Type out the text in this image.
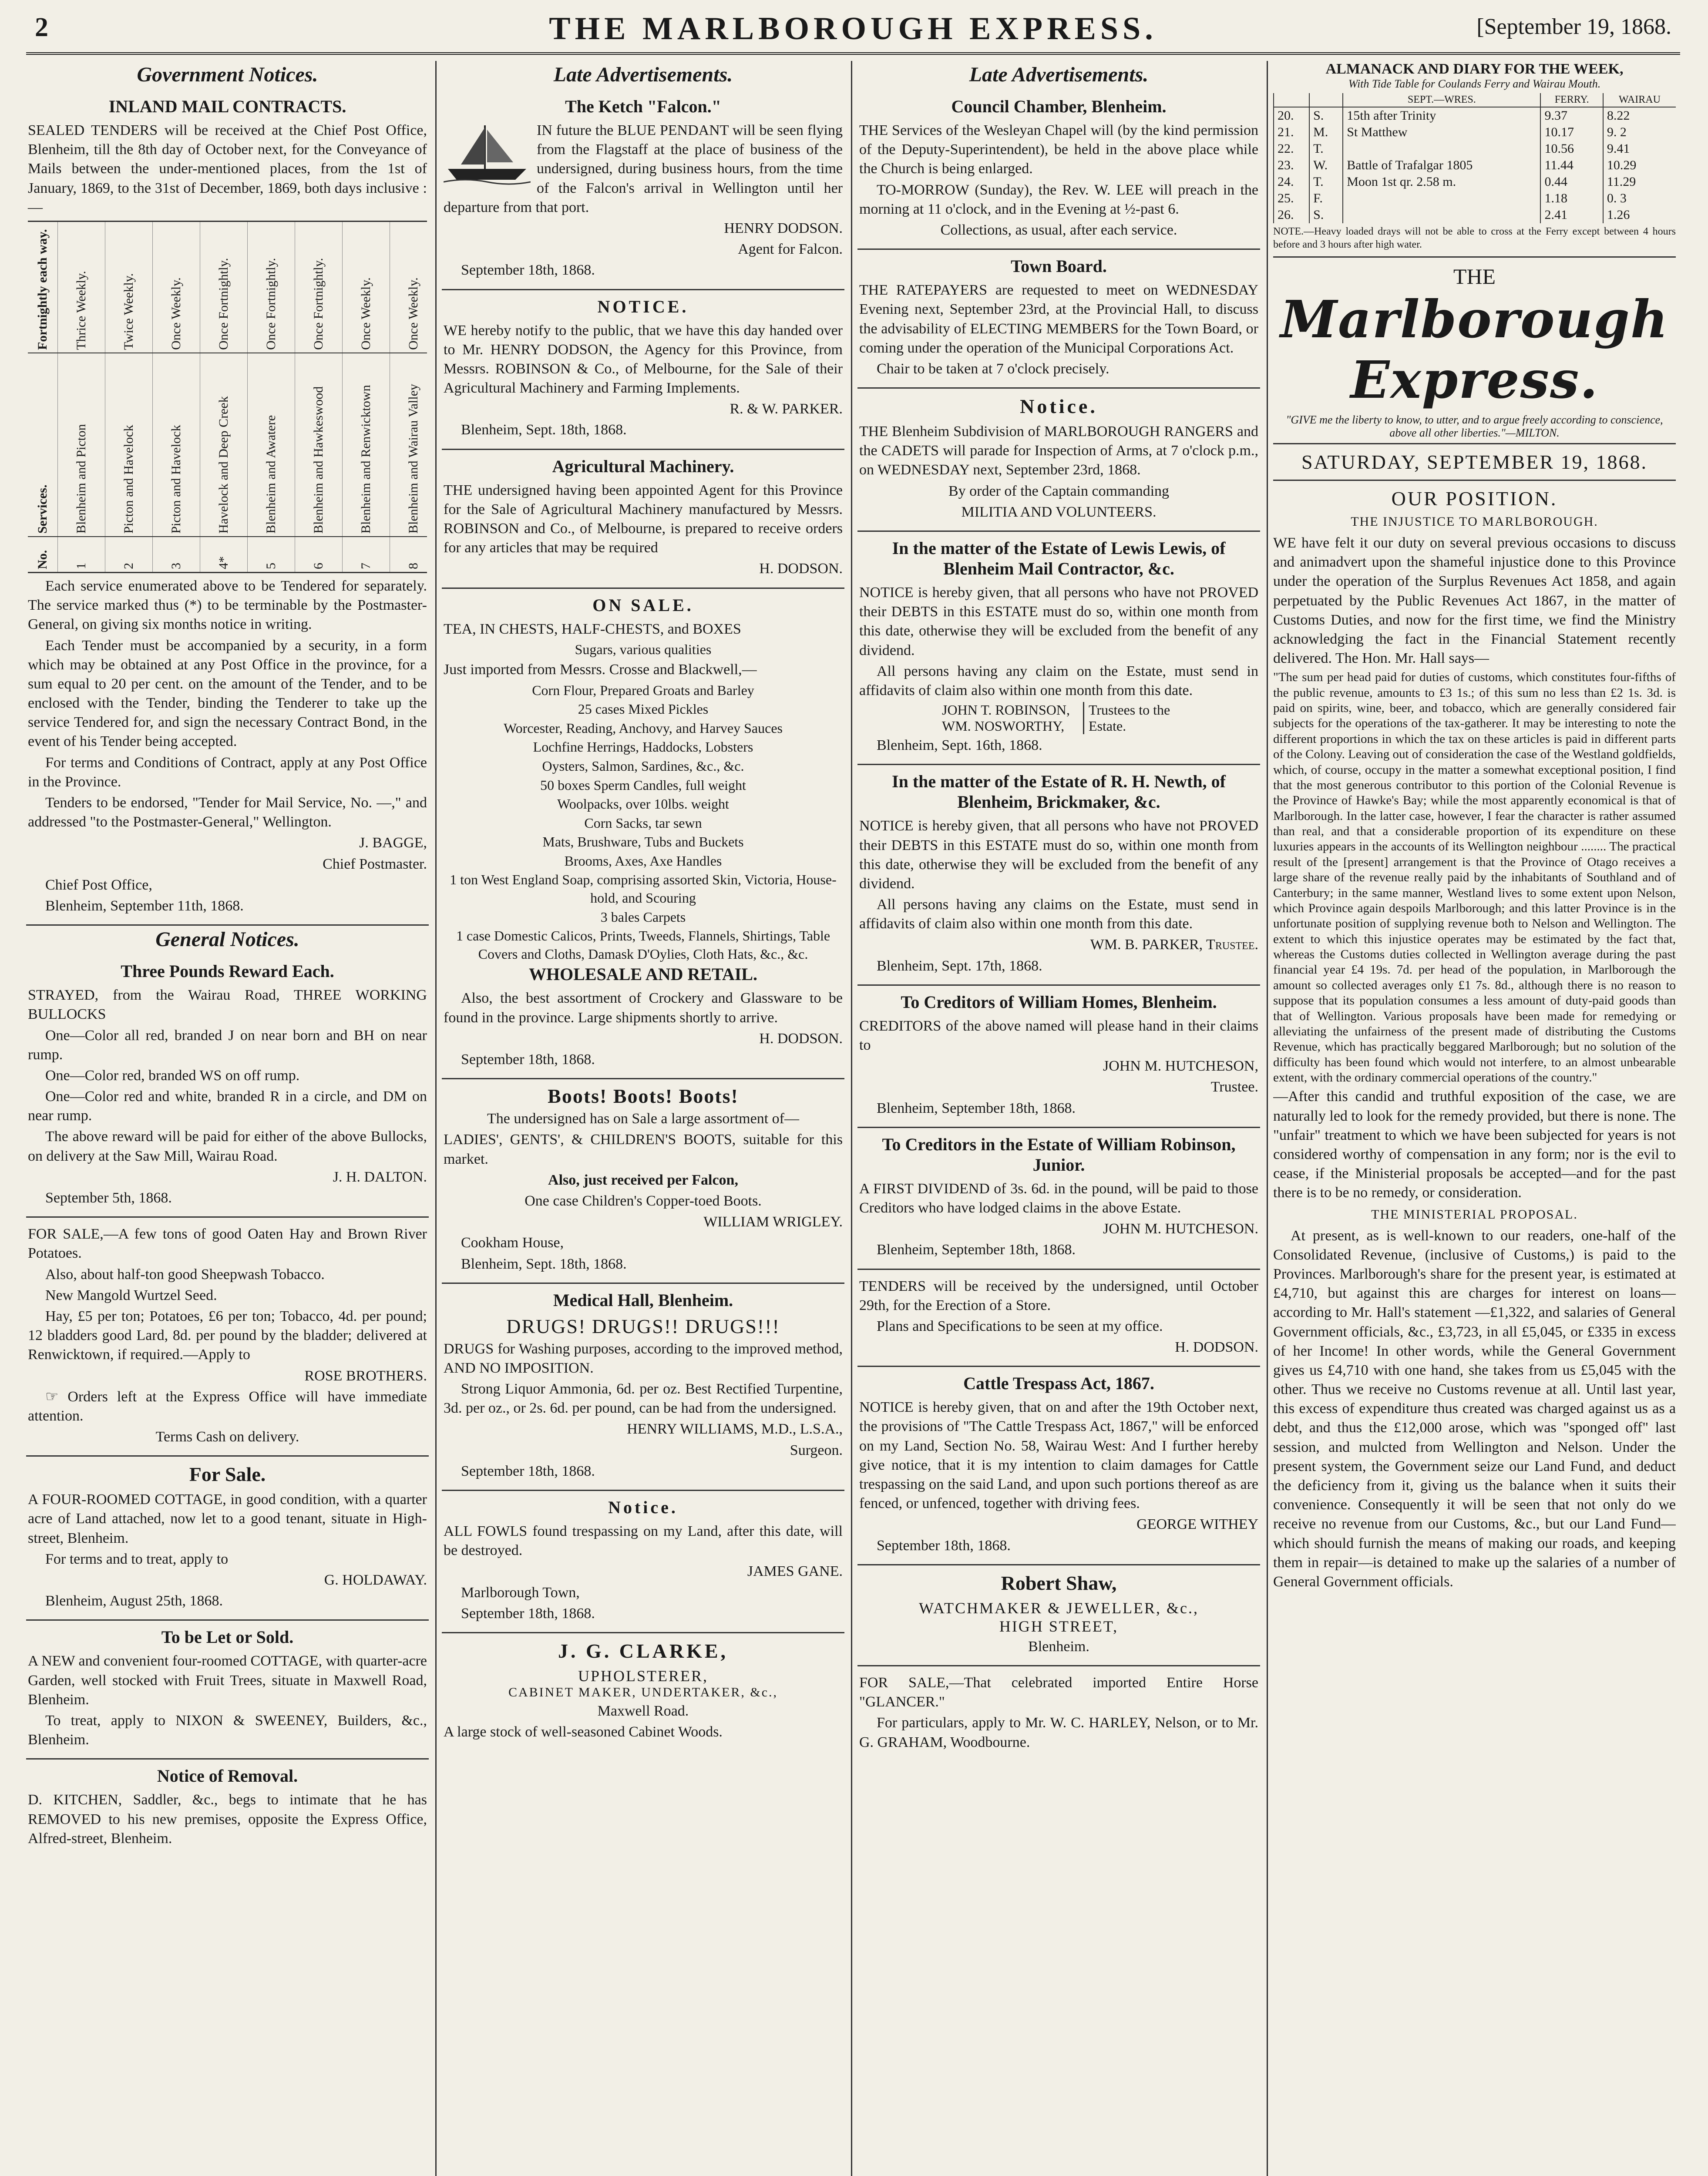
2	THE MARLBOROUGH EXPRESS.	[September 19, 1868.
Government Notices.
INLAND MAIL CONTRACTS.
SEALED TENDERS will be received at the Chief Post Office, Blenheim, till the 8th day of October next, for the Conveyance of Mails between the under-mentioned places, from the 1st of January, 1869, to the 31st of December, 1869, both days inclusive :—
Fortnightly each way.	Thrice Weekly.	Twice Weekly.	Once Weekly.	Once Fortnightly.	Once Fortnightly.	Once Fortnightly.	Once Weekly.	Once Weekly.
Services.	Blenheim and Picton	Picton and Havelock	Picton and Havelock	Havelock and Deep Creek	Blenheim and Awatere	Blenheim and Hawkeswood	Blenheim and Renwicktown	Blenheim and Wairau Valley
No.	1	2	3	4*	5	6	7	8
Each service enumerated above to be Tendered for separately. The service marked thus (*) to be terminable by the Postmaster-General, on giving six months notice in writing.
Each Tender must be accompanied by a security, in a form which may be obtained at any Post Office in the province, for a sum equal to 20 per cent. on the amount of the Tender, and to be enclosed with the Tender, binding the Tenderer to take up the service Tendered for, and sign the necessary Contract Bond, in the event of his Tender being accepted.
For terms and Conditions of Contract, apply at any Post Office in the Province.
Tenders to be endorsed, "Tender for Mail Service, No. —," and addressed "to the Postmaster-General," Wellington.
J. BAGGE,
Chief Postmaster.
Chief Post Office,
Blenheim, September 11th, 1868.
General Notices.
Three Pounds Reward Each.
STRAYED, from the Wairau Road, THREE WORKING BULLOCKS
One—Color all red, branded J on near born and BH on near rump.
One—Color red, branded WS on off rump.
One—Color red and white, branded R in a circle, and DM on near rump.
The above reward will be paid for either of the above Bullocks, on delivery at the Saw Mill, Wairau Road.
J. H. DALTON.
September 5th, 1868.
FOR SALE,—A few tons of good Oaten Hay and Brown River Potatoes.
Also, about half-ton good Sheepwash Tobacco.
New Mangold Wurtzel Seed.
Hay, £5 per ton; Potatoes, £6 per ton; Tobacco, 4d. per pound; 12 bladders good Lard, 8d. per pound by the bladder; delivered at Renwicktown, if required.—Apply to
ROSE BROTHERS.
☞ Orders left at the Express Office will have immediate attention.
Terms Cash on delivery.
For Sale.
A FOUR-ROOMED COTTAGE, in good condition, with a quarter acre of Land attached, now let to a good tenant, situate in High-street, Blenheim.
For terms and to treat, apply to
G. HOLDAWAY.
Blenheim, August 25th, 1868.
To be Let or Sold.
A NEW and convenient four-roomed COTTAGE, with quarter-acre Garden, well stocked with Fruit Trees, situate in Maxwell Road, Blenheim.
To treat, apply to NIXON & SWEENEY, Builders, &c., Blenheim.
Notice of Removal.
D. KITCHEN, Saddler, &c., begs to intimate that he has REMOVED to his new premises, opposite the Express Office, Alfred-street, Blenheim.
Late Advertisements.
The Ketch "Falcon."
IN future the BLUE PENDANT will be seen flying from the Flagstaff at the place of business of the undersigned, during business hours, from the time of the Falcon's arrival in Wellington until her departure from that port.
HENRY DODSON.
Agent for Falcon.
September 18th, 1868.
NOTICE.
WE hereby notify to the public, that we have this day handed over to Mr. HENRY DODSON, the Agency for this Province, from Messrs. ROBINSON & Co., of Melbourne, for the Sale of their Agricultural Machinery and Farming Implements.
R. & W. PARKER.
Blenheim, Sept. 18th, 1868.
Agricultural Machinery.
THE undersigned having been appointed Agent for this Province for the Sale of Agricultural Machinery manufactured by Messrs. ROBINSON and Co., of Melbourne, is prepared to receive orders for any articles that may be required
H. DODSON.
ON SALE.
TEA, IN CHESTS, HALF-CHESTS, and BOXES
Sugars, various qualities
Just imported from Messrs. Crosse and Blackwell,—
Corn Flour, Prepared Groats and Barley
25 cases Mixed Pickles
Worcester, Reading, Anchovy, and Harvey Sauces
Lochfine Herrings, Haddocks, Lobsters
Oysters, Salmon, Sardines, &c., &c.
50 boxes Sperm Candles, full weight
Woolpacks, over 10lbs. weight
Corn Sacks, tar sewn
Mats, Brushware, Tubs and Buckets
Brooms, Axes, Axe Handles
1 ton West England Soap, comprising assorted Skin, Victoria, House-hold, and Scouring
3 bales Carpets
1 case Domestic Calicos, Prints, Tweeds, Flannels, Shirtings, Table Covers and Cloths, Damask D'Oylies, Cloth Hats, &c., &c.
WHOLESALE AND RETAIL.
Also, the best assortment of Crockery and Glassware to be found in the province. Large shipments shortly to arrive.
H. DODSON.
September 18th, 1868.
Boots! Boots! Boots!
The undersigned has on Sale a large assortment of—
LADIES', GENTS', & CHILDREN'S BOOTS, suitable for this market.
Also, just received per Falcon,
One case Children's Copper-toed Boots.
WILLIAM WRIGLEY.
Cookham House,
Blenheim, Sept. 18th, 1868.
Medical Hall, Blenheim.
DRUGS! DRUGS!! DRUGS!!!
DRUGS for Washing purposes, according to the improved method, AND NO IMPOSITION.
Strong Liquor Ammonia, 6d. per oz. Best Rectified Turpentine, 3d. per oz., or 2s. 6d. per pound, can be had from the undersigned.
HENRY WILLIAMS, M.D., L.S.A.,
Surgeon.
September 18th, 1868.
Notice.
ALL FOWLS found trespassing on my Land, after this date, will be destroyed.
JAMES GANE.
Marlborough Town,
September 18th, 1868.
J. G. CLARKE,
UPHOLSTERER,
CABINET MAKER, UNDERTAKER, &c.,
Maxwell Road.
A large stock of well-seasoned Cabinet Woods.
Late Advertisements.
Council Chamber, Blenheim.
THE Services of the Wesleyan Chapel will (by the kind permission of the Deputy-Superintendent), be held in the above place while the Church is being enlarged.
TO-MORROW (Sunday), the Rev. W. LEE will preach in the morning at 11 o'clock, and in the Evening at ½-past 6.
Collections, as usual, after each service.
Town Board.
THE RATEPAYERS are requested to meet on WEDNESDAY Evening next, September 23rd, at the Provincial Hall, to discuss the advisability of ELECTING MEMBERS for the Town Board, or coming under the operation of the Municipal Corporations Act.
Chair to be taken at 7 o'clock precisely.
Notice.
THE Blenheim Subdivision of MARLBOROUGH RANGERS and the CADETS will parade for Inspection of Arms, at 7 o'clock p.m., on WEDNESDAY next, September 23rd, 1868.
By order of the Captain commanding
MILITIA AND VOLUNTEERS.
In the matter of the Estate of Lewis Lewis, of Blenheim Mail Contractor, &c.
NOTICE is hereby given, that all persons who have not PROVED their DEBTS in this ESTATE must do so, within one month from this date, otherwise they will be excluded from the benefit of any dividend.
All persons having any claim on the Estate, must send in affidavits of claim also within one month from this date.
JOHN T. ROBINSON,
WM. NOSWORTHY,
Trustees to the Estate.
Blenheim, Sept. 16th, 1868.
In the matter of the Estate of R. H. Newth, of Blenheim, Brickmaker, &c.
NOTICE is hereby given, that all persons who have not PROVED their DEBTS in this ESTATE must do so, within one month from this date, otherwise they will be excluded from the benefit of any dividend.
All persons having any claims on the Estate, must send in affidavits of claim also within one month from this date.
WM. B. PARKER, Trustee.
Blenheim, Sept. 17th, 1868.
To Creditors of William Homes, Blenheim.
CREDITORS of the above named will please hand in their claims to
JOHN M. HUTCHESON,
Trustee.
Blenheim, September 18th, 1868.
To Creditors in the Estate of William Robinson, Junior.
A FIRST DIVIDEND of 3s. 6d. in the pound, will be paid to those Creditors who have lodged claims in the above Estate.
JOHN M. HUTCHESON.
Blenheim, September 18th, 1868.
TENDERS will be received by the undersigned, until October 29th, for the Erection of a Store.
Plans and Specifications to be seen at my office.
H. DODSON.
Cattle Trespass Act, 1867.
NOTICE is hereby given, that on and after the 19th October next, the provisions of "The Cattle Trespass Act, 1867," will be enforced on my Land, Section No. 58, Wairau West: And I further hereby give notice, that it is my intention to claim damages for Cattle trespassing on the said Land, and upon such portions thereof as are fenced, or unfenced, together with driving fees.
GEORGE WITHEY
September 18th, 1868.
Robert Shaw,
WATCHMAKER & JEWELLER, &c.,
HIGH STREET,
Blenheim.
FOR SALE,—That celebrated imported Entire Horse "GLANCER."
For particulars, apply to Mr. W. C. HARLEY, Nelson, or to Mr. G. GRAHAM, Woodbourne.
ALMANACK AND DIARY FOR THE WEEK,
With Tide Table for Coulands Ferry and Wairau Mouth.
		SEPT.—WRES.	FERRY.	WAIRAU
20.	S.	15th after Trinity	9.37	8.22
21.	M.	St Matthew	10.17	9. 2
22.	T.		10.56	9.41
23.	W.	Battle of Trafalgar 1805	11.44	10.29
24.	T.	Moon 1st qr. 2.58 m.	0.44	11.29
25.	F.		1.18	0. 3
26.	S.		2.41	1.26
NOTE.—Heavy loaded drays will not be able to cross at the Ferry except between 4 hours before and 3 hours after high water.
THE
Marlborough Express.
"GIVE me the liberty to know, to utter, and to argue freely according to conscience, above all other liberties."—MILTON.
SATURDAY, SEPTEMBER 19, 1868.
OUR POSITION.
THE INJUSTICE TO MARLBOROUGH.
WE have felt it our duty on several previous occasions to discuss and animadvert upon the shameful injustice done to this Province under the operation of the Surplus Revenues Act 1858, and again perpetuated by the Public Revenues Act 1867, in the matter of Customs Duties, and now for the first time, we find the Ministry acknowledging the fact in the Financial Statement recently delivered. The Hon. Mr. Hall says—
"The sum per head paid for duties of customs, which constitutes four-fifths of the public revenue, amounts to £3 1s.; of this sum no less than £2 1s. 3d. is paid on spirits, wine, beer, and tobacco, which are generally considered fair subjects for the operations of the tax-gatherer. It may be interesting to note the different proportions in which the tax on these articles is paid in different parts of the Colony. Leaving out of consideration the case of the Westland goldfields, which, of course, occupy in the matter a somewhat exceptional position, I find that the most generous contributor to this portion of the Colonial Revenue is the Province of Hawke's Bay; while the most apparently economical is that of Marlborough. In the latter case, however, I fear the character is rather assumed than real, and that a considerable proportion of its expenditure on these luxuries appears in the accounts of its Wellington neighbour ........ The practical result of the [present] arrangement is that the Province of Otago receives a large share of the revenue really paid by the inhabitants of Southland and of Canterbury; in the same manner, Westland lives to some extent upon Nelson, which Province again despoils Marlborough; and this latter Province is in the unfortunate position of supplying revenue both to Nelson and Wellington. The extent to which this injustice operates may be estimated by the fact that, whereas the Customs duties collected in Wellington average during the past financial year £4 19s. 7d. per head of the population, in Marlborough the amount so collected averages only £1 7s. 8d., although there is no reason to suppose that its population consumes a less amount of duty-paid goods than that of Wellington. Various proposals have been made for remedying or alleviating the unfairness of the present made of distributing the Customs Revenue, which has practically beggared Marlborough; but no solution of the difficulty has been found which would not interfere, to an almost unbearable extent, with the ordinary commercial operations of the country."
—After this candid and truthful exposition of the case, we are naturally led to look for the remedy provided, but there is none. The "unfair" treatment to which we have been subjected for years is not considered worthy of compensation in any form; nor is the evil to cease, if the Ministerial proposals be accepted—and for the past there is to be no remedy, or consideration.
THE MINISTERIAL PROPOSAL.
At present, as is well-known to our readers, one-half of the Consolidated Revenue, (inclusive of Customs,) is paid to the Provinces. Marlborough's share for the present year, is estimated at £4,710, but against this are charges for interest on loans—according to Mr. Hall's statement —£1,322, and salaries of General Government officials, &c., £3,723, in all £5,045, or £335 in excess of her Income! In other words, while the General Government gives us £4,710 with one hand, she takes from us £5,045 with the other. Thus we receive no Customs revenue at all. Until last year, this excess of expenditure thus created was charged against us as a debt, and thus the £12,000 arose, which was "sponged off" last session, and mulcted from Wellington and Nelson. Under the present system, the Government seize our Land Fund, and deduct the deficiency from it, giving us the balance when it suits their convenience. Consequently it will be seen that not only do we receive no revenue from our Customs, &c., but our Land Fund—which should furnish the means of making our roads, and keeping them in repair—is detained to make up the salaries of a number of General Government officials.
